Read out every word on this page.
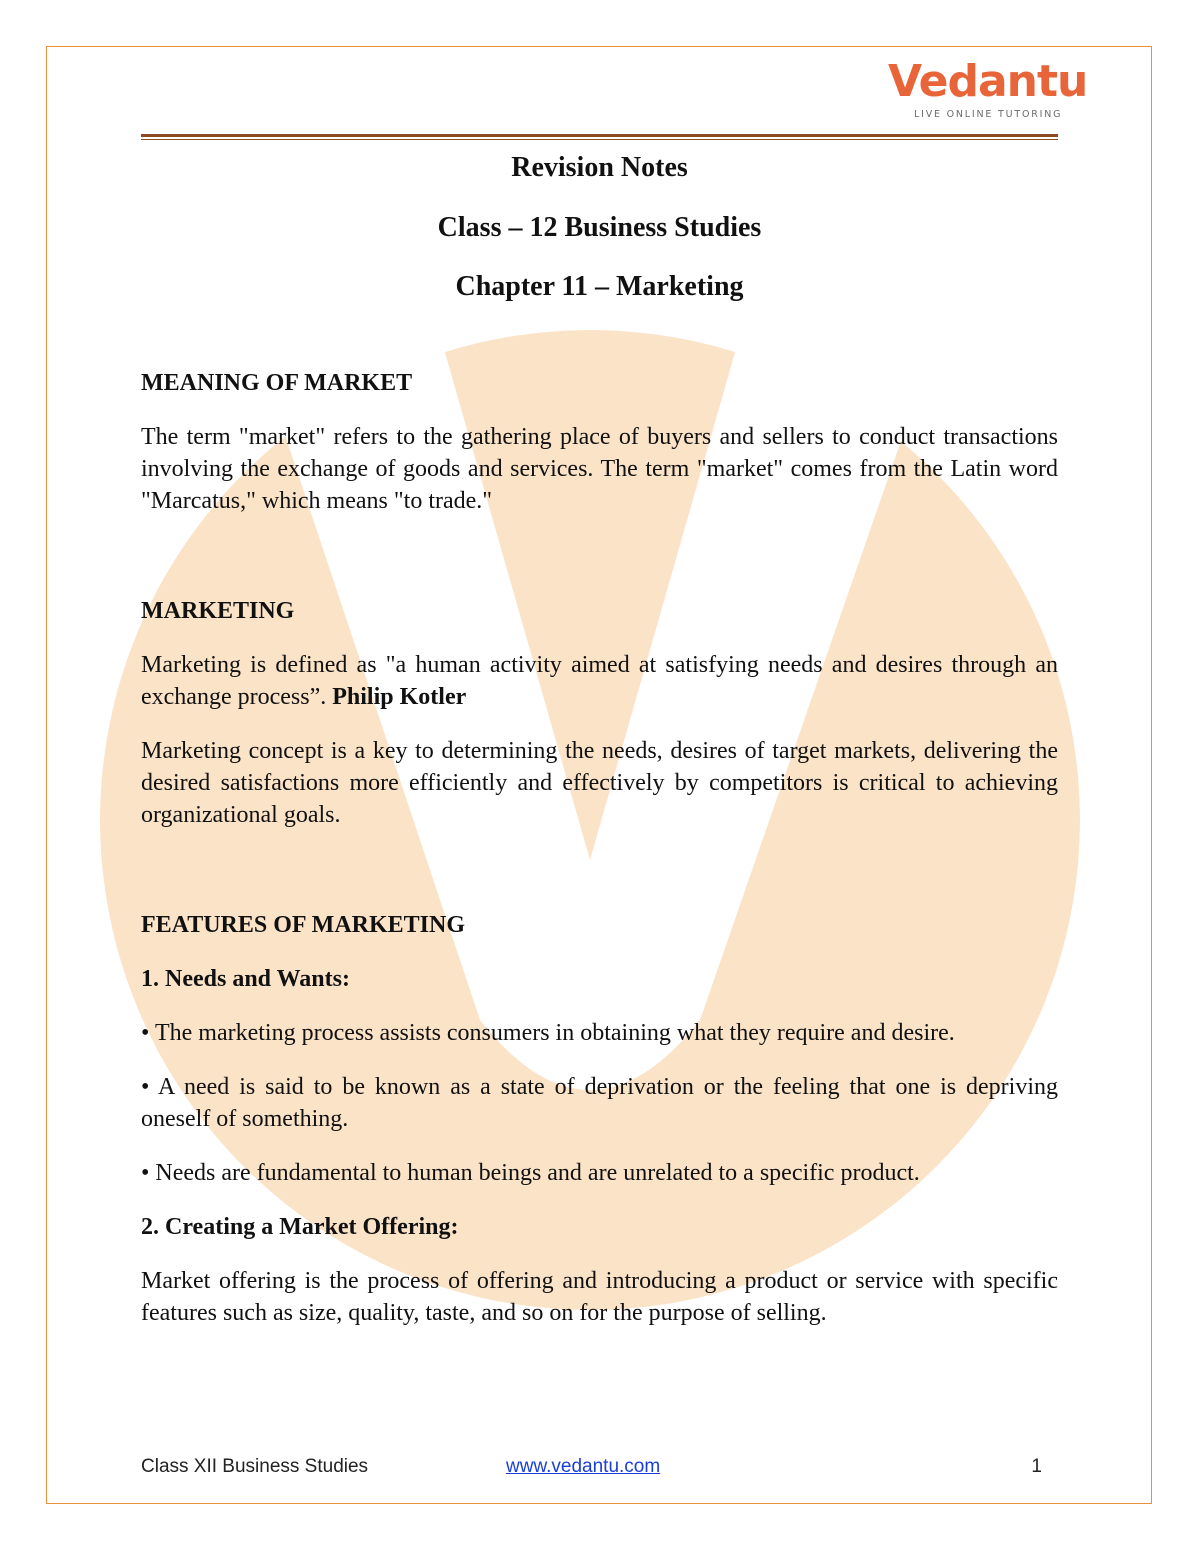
Vedantu
LIVE ONLINE TUTORING
Revision Notes
Class – 12 Business Studies
Chapter 11 – Marketing
MEANING OF MARKET

The term "market" refers to the gathering place of buyers and sellers to conduct transactions involving the exchange of goods and services. The term "market" comes from the Latin word "Marcatus," which means "to trade."

MARKETING

Marketing is defined as "a human activity aimed at satisfying needs and desires through an exchange process”. Philip Kotler

Marketing concept is a key to determining the needs, desires of target markets, delivering the desired satisfactions more efficiently and effectively by competitors is critical to achieving organizational goals.

FEATURES OF MARKETING
1. Needs and Wants:

• The marketing process assists consumers in obtaining what they require and desire.

• A need is said to be known as a state of deprivation or the feeling that one is depriving oneself of something.

• Needs are fundamental to human beings and are unrelated to a specific product.

2. Creating a Market Offering:

Market offering is the process of offering and introducing a product or service with specific features such as size, quality, taste, and so on for the purpose of selling.

Class XII Business Studies	www.vedantu.com	1
